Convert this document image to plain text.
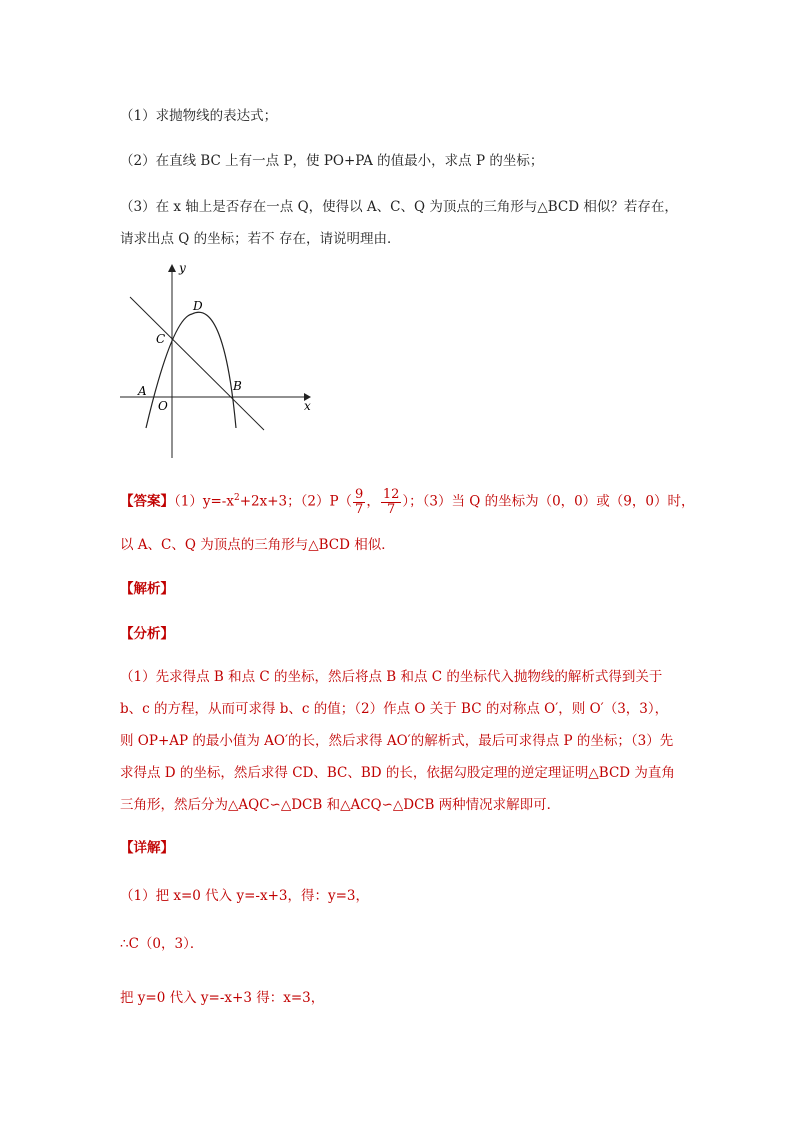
（1）求抛物线的表达式；
（2）在直线 BC 上有一点 P，使 PO+PA 的值最小，求点 P 的坐标；
（3）在 x 轴上是否存在一点 Q，使得以 A、C、Q 为顶点的三角形与△BCD 相似？若存在，
请求出点 Q 的坐标；若不 存在，请说明理由．
y
D
C
A
O
B
x
【答案】$(1)y=-x^2+2x+3$；$(2)P( \frac{9}{7}$ ， $\frac{12}{7}$ ）；（3）当 Q 的坐标为（0，0）或（9，0）时，
以 A、C、Q 为顶点的三角形与△BCD 相似．
【解析】
【分析】
（1）先求得点 B 和点 C 的坐标，然后将点 B 和点 C 的坐标代入抛物线的解析式得到关于
b、c 的方程，从而可求得 b、c 的值；（2）作点 O 关于 BC 的对称点 O′，则 O′（3，3），
则 OP+AP 的最小值为 AO′的长，然后求得 AO′的解析式，最后可求得点 P 的坐标；（3）先
求得点 D 的坐标，然后求得 CD、BC、BD 的长，依据勾股定理的逆定理证明△BCD 为直角
三角形，然后分为△AQC∽△DCB 和△ACQ∽△DCB 两种情况求解即可．
【详解】
（1）把 x=0 代入 y=-x+3，得：y=3，
∴C（0，3）．
把 y=0 代入 y=-x+3 得：x=3，
